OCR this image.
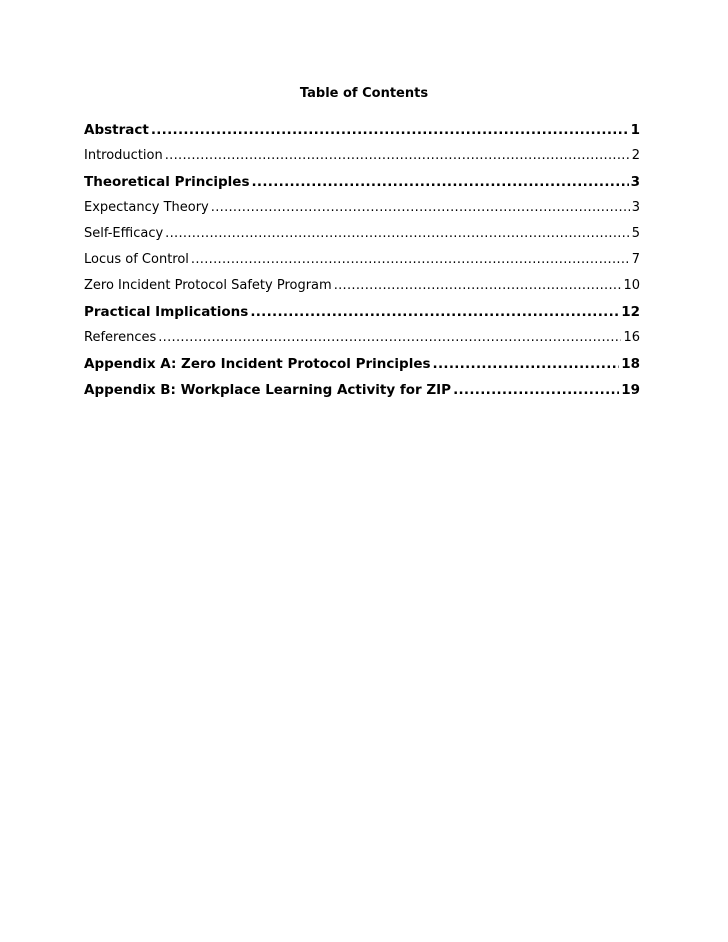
Table of Contents
Abstract .....	1
Introduction .....	2
Theoretical Principles .....	3
Expectancy Theory .....	3
Self-Efficacy .....	5
Locus of Control .....	7
Zero Incident Protocol Safety Program .....	10
Practical Implications .....	12
References .....	16
Appendix A: Zero Incident Protocol Principles .....	18
Appendix B: Workplace Learning Activity for ZIP .....	19
